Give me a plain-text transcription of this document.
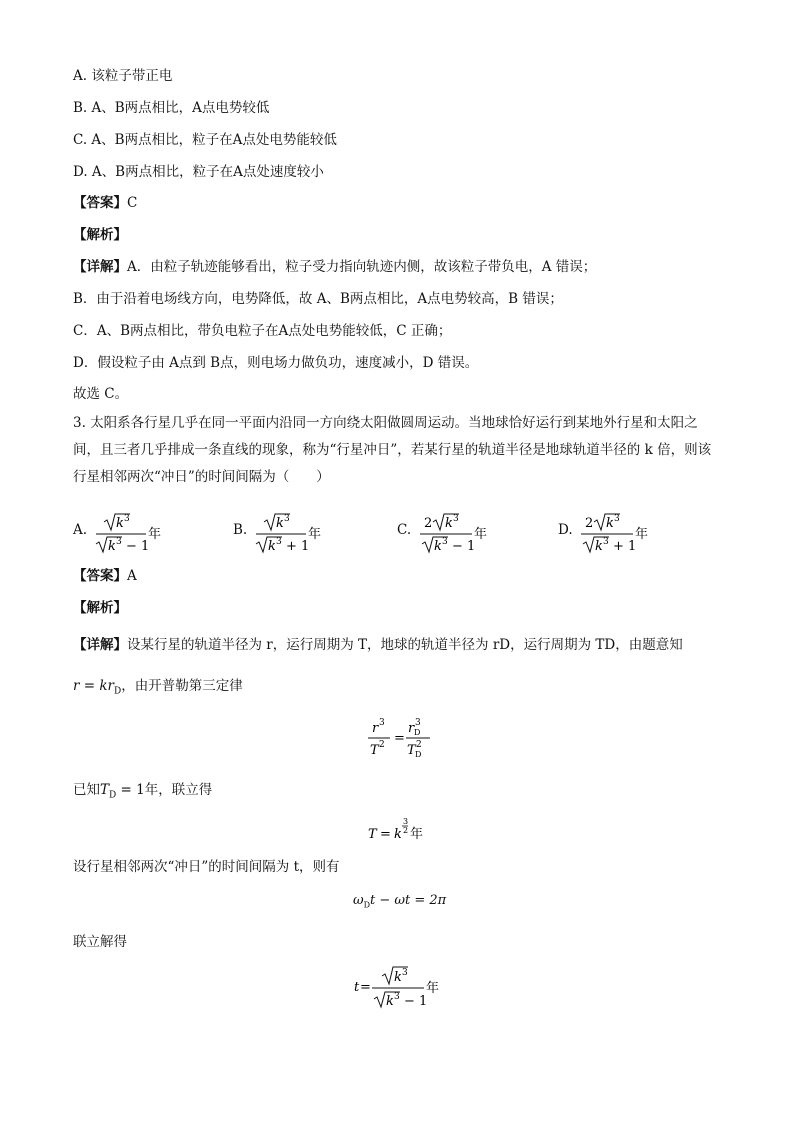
A. 该粒子带正电
B. A、B两点相比，A点电势较低
C. A、B两点相比，粒子在A点处电势能较低
D. A、B两点相比，粒子在A点处速度较小
【答案】C
【解析】
【详解】A．由粒子轨迹能够看出，粒子受力指向轨迹内侧，故该粒子带负电，A 错误；
B．由于沿着电场线方向，电势降低，故 A、B两点相比，A点电势较高，B 错误；
C．A、B两点相比，带负电粒子在A点处电势能较低，C 正确；
D．假设粒子由 A点到 B点，则电场力做负功，速度减小，D 错误。
故选 C。
3. 太阳系各行星几乎在同一平面内沿同一方向绕太阳做圆周运动。当地球恰好运行到某地外行星和太阳之间，且三者几乎排成一条直线的现象，称为“行星冲日”，若某行星的轨道半径是地球轨道半径的 k 倍，则该行星相邻两次“冲日”的时间间隔为（　　）
A. k 3
k 3 − 1
年	B. k 3
k 3 + 1
年	C. 2 k 3
k 3 − 1
年	D. 2 k 3
k 3 + 1
年
【答案】A
【解析】
【详解】设某行星的轨道半径为 r，运行周期为 T，地球的轨道半径为 rD，运行周期为 TD，由题意知
$r = kr_D$，由开普勒第三定律
r 3
T 2 =
r D
3
T D
2
已知$T_D = 1$年，联立得
T = k
3
2 年
设行星相邻两次“冲日”的时间间隔为 t，则有
$\omega_Dt - \omega t = 2\pi$
联立解得
t =
k 3
k 3 − 1
年
